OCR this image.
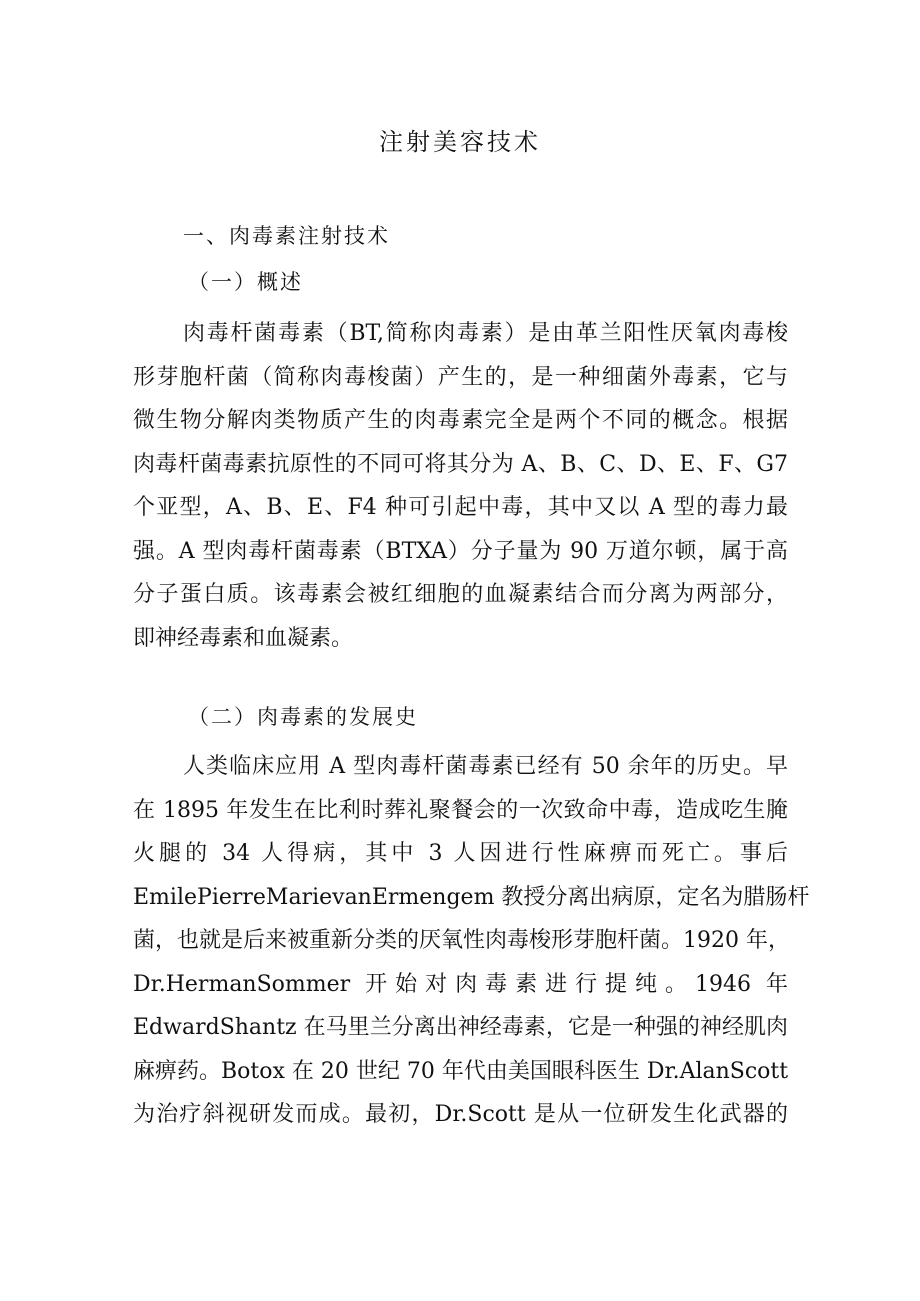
注射美容技术
一、肉毒素注射技术
（一）概述
肉毒杆菌毒素（BT,简称肉毒素）是由革兰阳性厌氧肉毒梭
形芽胞杆菌（简称肉毒梭菌）产生的，是一种细菌外毒素，它与
微生物分解肉类物质产生的肉毒素完全是两个不同的概念。根据
肉毒杆菌毒素抗原性的不同可将其分为 A、B、C、D、E、F、G7
个亚型，A、B、E、F4 种可引起中毒，其中又以 A 型的毒力最
强。A 型肉毒杆菌毒素（BTXA）分子量为 90 万道尔顿，属于高
分子蛋白质。该毒素会被红细胞的血凝素结合而分离为两部分，
即神经毒素和血凝素。
（二）肉毒素的发展史
人类临床应用 A 型肉毒杆菌毒素已经有 50 余年的历史。早
在 1895 年发生在比利时葬礼聚餐会的一次致命中毒，造成吃生腌
火腿的 34 人得病，其中 3 人因进行性麻痹而死亡。事后
EmilePierreMarievanErmengem 教授分离出病原，定名为腊肠杆
菌，也就是后来被重新分类的厌氧性肉毒梭形芽胞杆菌。1920 年，
Dr.HermanSommer 开始对肉毒素进行提纯。1946 年
EdwardShantz 在马里兰分离出神经毒素，它是一种强的神经肌肉
麻痹药。Botox 在 20 世纪 70 年代由美国眼科医生 Dr.AlanScott
为治疗斜视研发而成。最初，Dr.Scott 是从一位研发生化武器的
